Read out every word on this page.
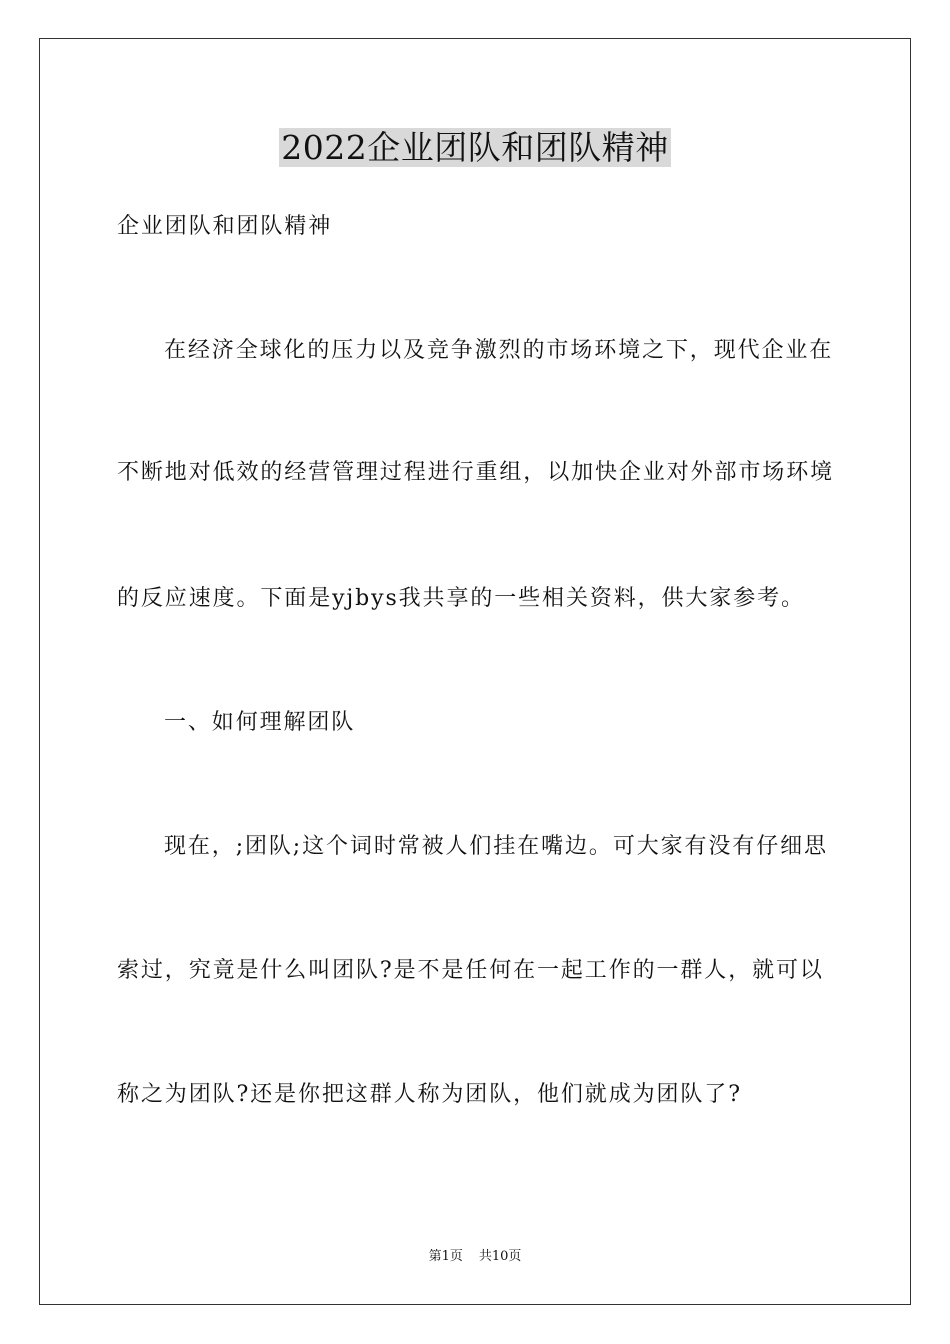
2022企业团队和团队精神
企业团队和团队精神
在经济全球化的压力以及竞争激烈的市场环境之下，现代企业在
不断地对低效的经营管理过程进行重组，以加快企业对外部市场环境
的反应速度。下面是yjbys我共享的一些相关资料，供大家参考。
一、如何理解团队
现在，;团队;这个词时常被人们挂在嘴边。可大家有没有仔细思
索过，究竟是什么叫团队?是不是任何在一起工作的一群人，就可以
称之为团队?还是你把这群人称为团队，他们就成为团队了?
第1页 共10页
